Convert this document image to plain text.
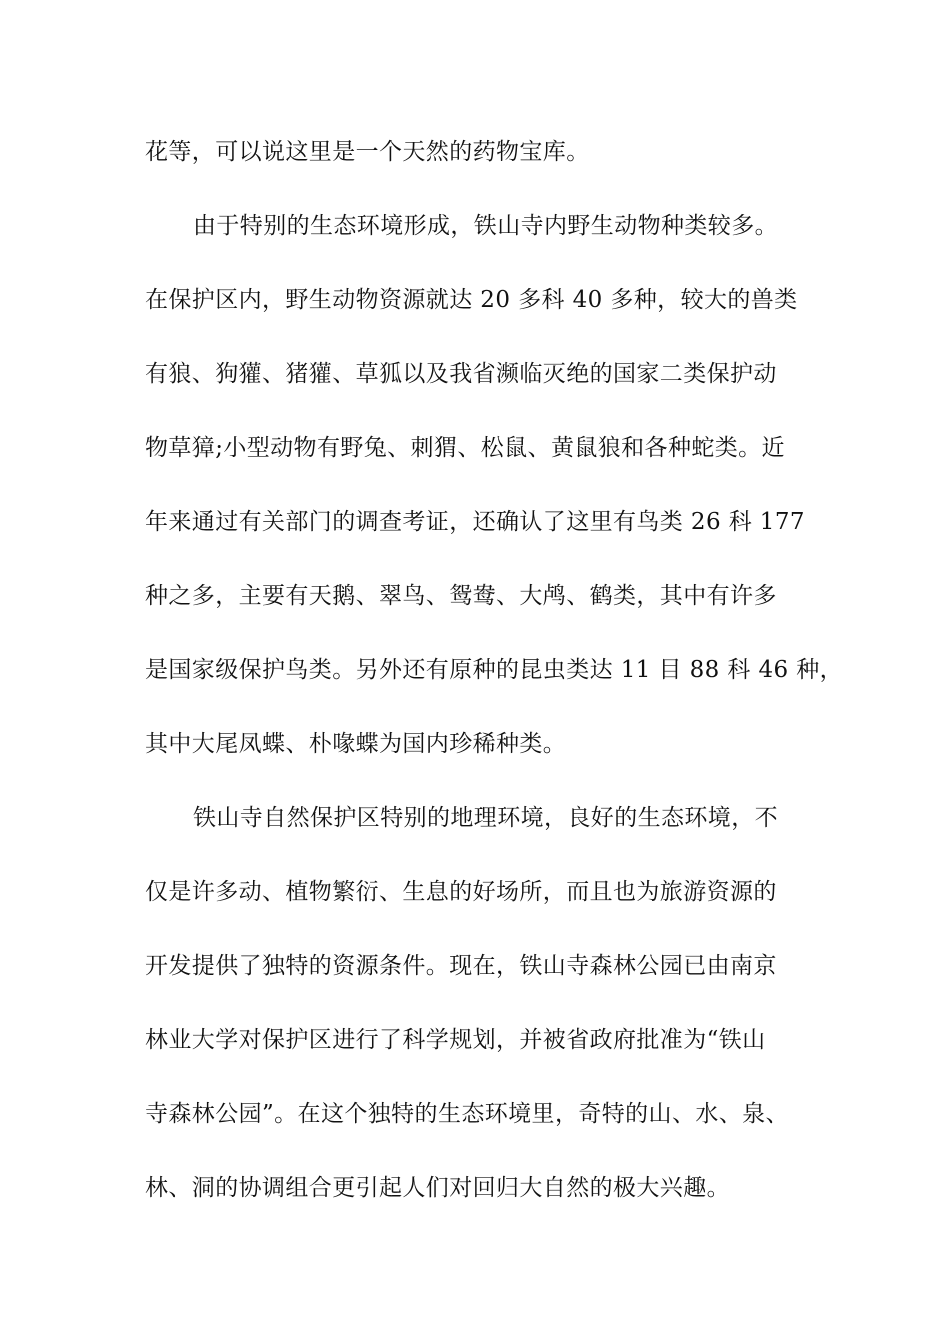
花等，可以说这里是一个天然的药物宝库。
由于特别的生态环境形成，铁山寺内野生动物种类较多。
在保护区内，野生动物资源就达 20 多科 40 多种，较大的兽类
有狼、狗獾、猪獾、草狐以及我省濒临灭绝的国家二类保护动
物草獐;小型动物有野兔、刺猬、松鼠、黄鼠狼和各种蛇类。近
年来通过有关部门的调查考证，还确认了这里有鸟类 26 科 177
种之多，主要有天鹅、翠鸟、鸳鸯、大鸬、鹤类，其中有许多
是国家级保护鸟类。另外还有原种的昆虫类达 11 目 88 科 46 种，
其中大尾凤蝶、朴喙蝶为国内珍稀种类。
铁山寺自然保护区特别的地理环境，良好的生态环境，不
仅是许多动、植物繁衍、生息的好场所，而且也为旅游资源的
开发提供了独特的资源条件。现在，铁山寺森林公园已由南京
林业大学对保护区进行了科学规划，并被省政府批准为“铁山
寺森林公园”。在这个独特的生态环境里，奇特的山、水、泉、
林、洞的协调组合更引起人们对回归大自然的极大兴趣。
